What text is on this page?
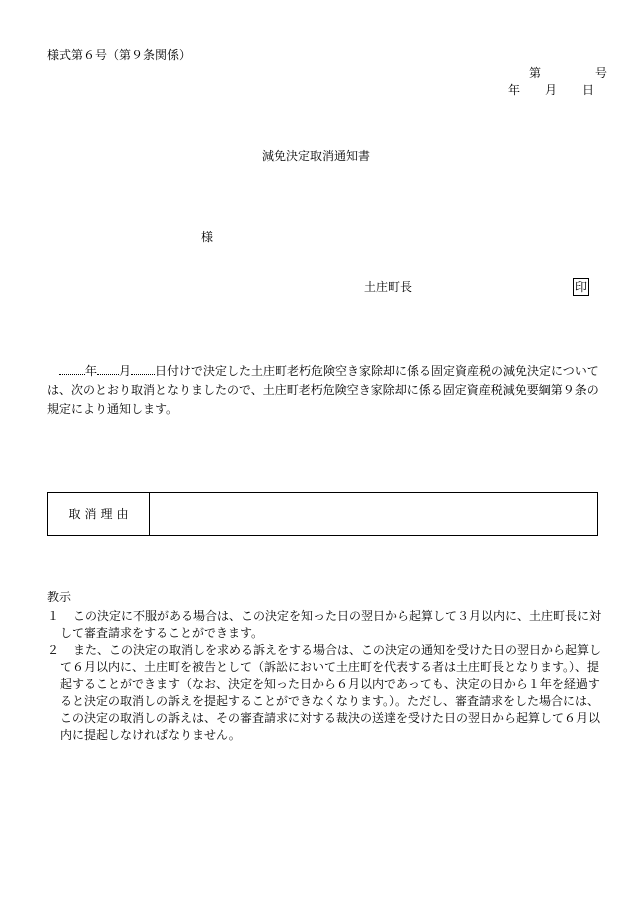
様式第６号（第９条関係）
第	号
年 月 日
減免決定取消通知書
様
土庄町長	印
年 月 日付けで決定した土庄町老朽危険空き家除却に係る固定資産税の減免決定については、次のとおり取消となりましたので、土庄町老朽危険空き家除却に係る固定資産税減免要綱第９条の規定により通知します。
取消理由
教示
１	この決定に不服がある場合は、この決定を知った日の翌日から起算して３月以内に、土庄町長に対して審査請求をすることができます。
２	また、この決定の取消しを求める訴えをする場合は、この決定の通知を受けた日の翌日から起算して６月以内に、土庄町を被告として（訴訟において土庄町を代表する者は土庄町長となります。）、提起することができます（なお、決定を知った日から６月以内であっても、決定の日から１年を経過すると決定の取消しの訴えを提起することができなくなります。）。ただし、審査請求をした場合には、この決定の取消しの訴えは、その審査請求に対する裁決の送達を受けた日の翌日から起算して６月以内に提起しなければなりません。
